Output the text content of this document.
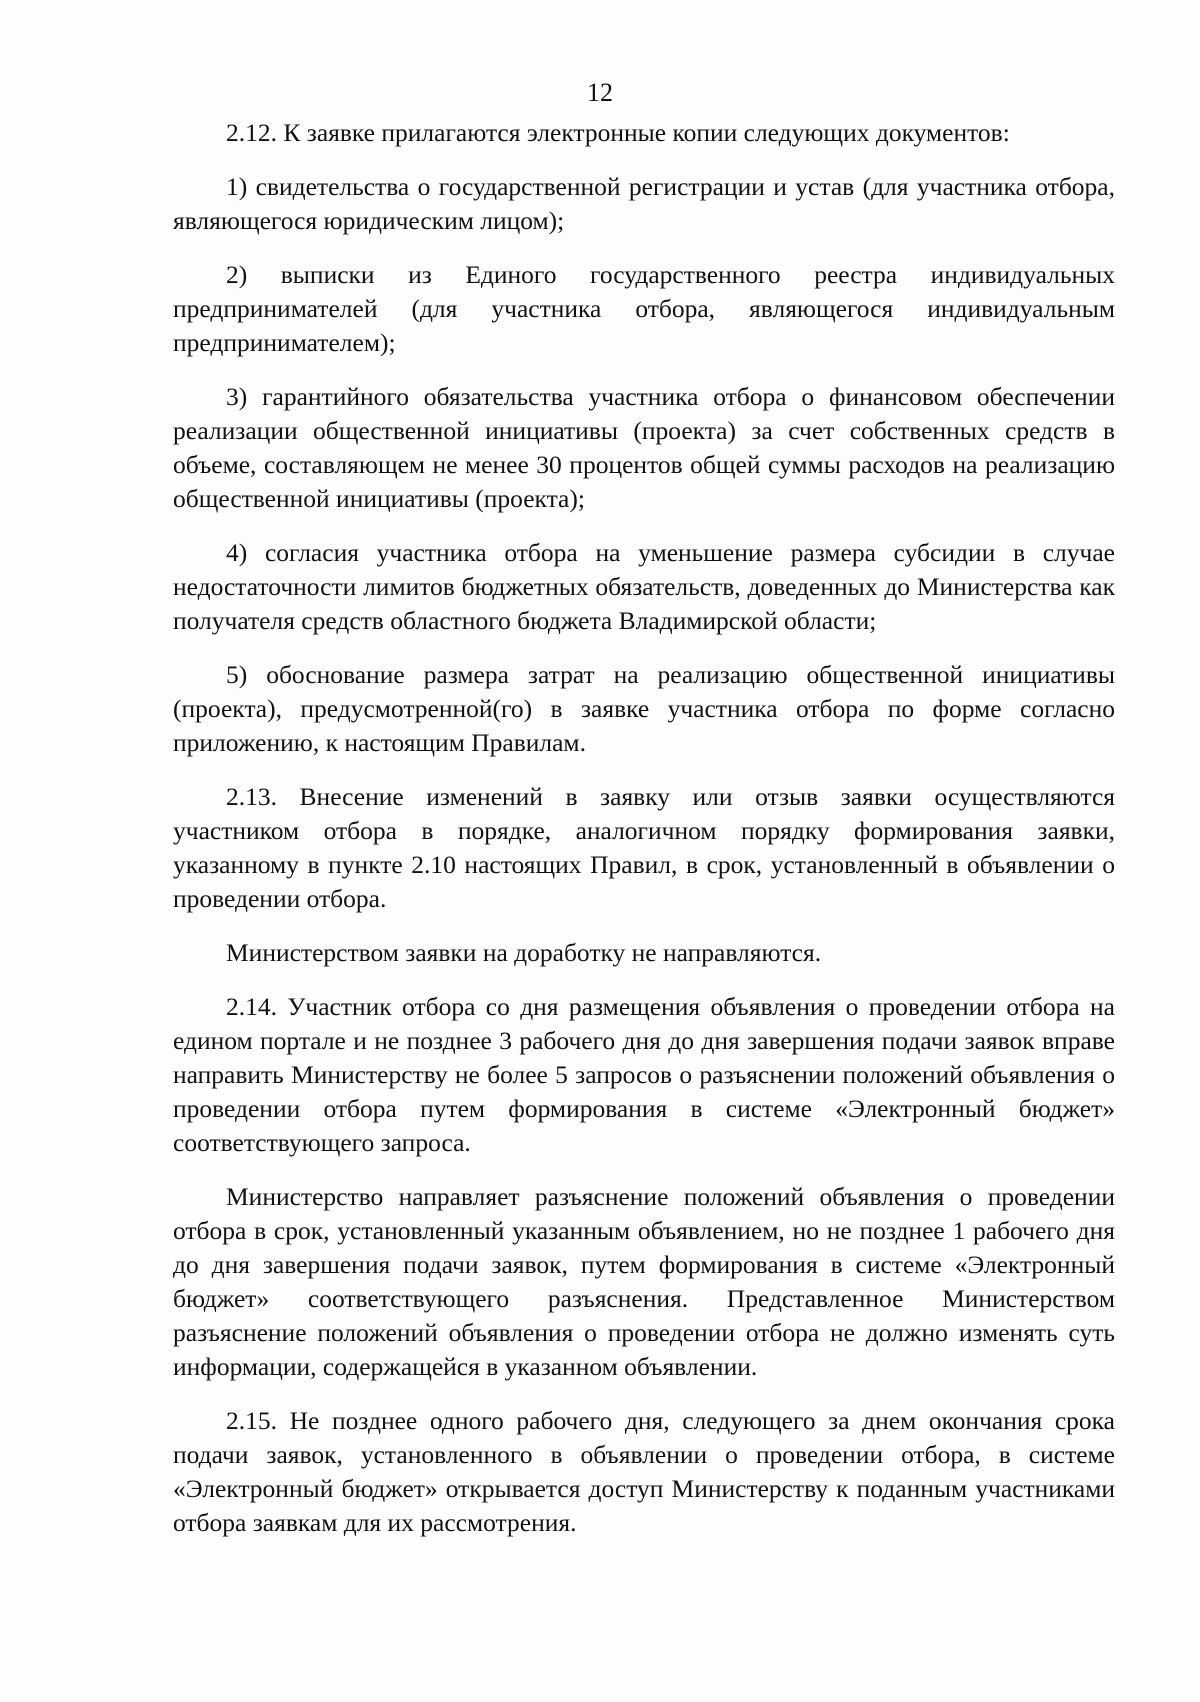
12

2.12. К заявке прилагаются электронные копии следующих документов:

1) свидетельства о государственной регистрации и устав (для участника отбора, являющегося юридическим лицом);

2) выписки из Единого государственного реестра индивидуальных предпринимателей (для участника отбора, являющегося индивидуальным предпринимателем);

3) гарантийного обязательства участника отбора о финансовом обеспечении реализации общественной инициативы (проекта) за счет собственных средств в объеме, составляющем не менее 30 процентов общей суммы расходов на реализацию общественной инициативы (проекта);

4) согласия участника отбора на уменьшение размера субсидии в случае недостаточности лимитов бюджетных обязательств, доведенных до Министерства как получателя средств областного бюджета Владимирской области;

5) обоснование размера затрат на реализацию общественной инициативы (проекта), предусмотренной(го) в заявке участника отбора по форме согласно приложению, к настоящим Правилам.

2.13. Внесение изменений в заявку или отзыв заявки осуществляются участником отбора в порядке, аналогичном порядку формирования заявки, указанному в пункте 2.10 настоящих Правил, в срок, установленный в объявлении о проведении отбора.

Министерством заявки на доработку не направляются.

2.14. Участник отбора со дня размещения объявления о проведении отбора на едином портале и не позднее 3 рабочего дня до дня завершения подачи заявок вправе направить Министерству не более 5 запросов о разъяснении положений объявления о проведении отбора путем формирования в системе «Электронный бюджет» соответствующего запроса.

Министерство направляет разъяснение положений объявления о проведении отбора в срок, установленный указанным объявлением, но не позднее 1 рабочего дня до дня завершения подачи заявок, путем формирования в системе «Электронный бюджет» соответствующего разъяснения. Представленное Министерством разъяснение положений объявления о проведении отбора не должно изменять суть информации, содержащейся в указанном объявлении.

2.15. Не позднее одного рабочего дня, следующего за днем окончания срока подачи заявок, установленного в объявлении о проведении отбора, в системе «Электронный бюджет» открывается доступ Министерству к поданным участниками отбора заявкам для их рассмотрения.
